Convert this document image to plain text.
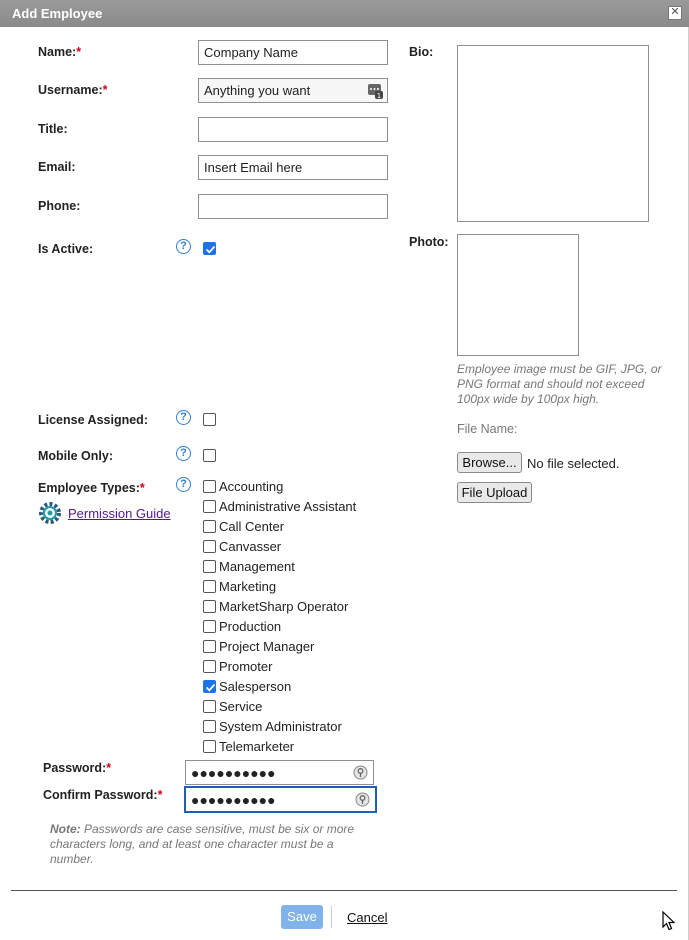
Add Employee	✕
Name:*	Company Name
Username:*	Anything you want	1
Title:
Email:	Insert Email here
Phone:
Is Active:	?
License Assigned:	?
Mobile Only:	?
Employee Types:*	?
Permission Guide
Accounting
Administrative Assistant
Call Center
Canvasser
Management
Marketing
MarketSharp Operator
Production
Project Manager
Promoter
Salesperson
Service
System Administrator
Telemarketer
Password:*	●●●●●●●●●●
Confirm Password:*	●●●●●●●●●●
Note: Passwords are case sensitive, must be six or more characters long, and at least one character must be a number.
Bio:
Photo:
Employee image must be GIF, JPG, or PNG format and should not exceed 100px wide by 100px high.
File Name:
Browse... No file selected.
File Upload
Save	Cancel
